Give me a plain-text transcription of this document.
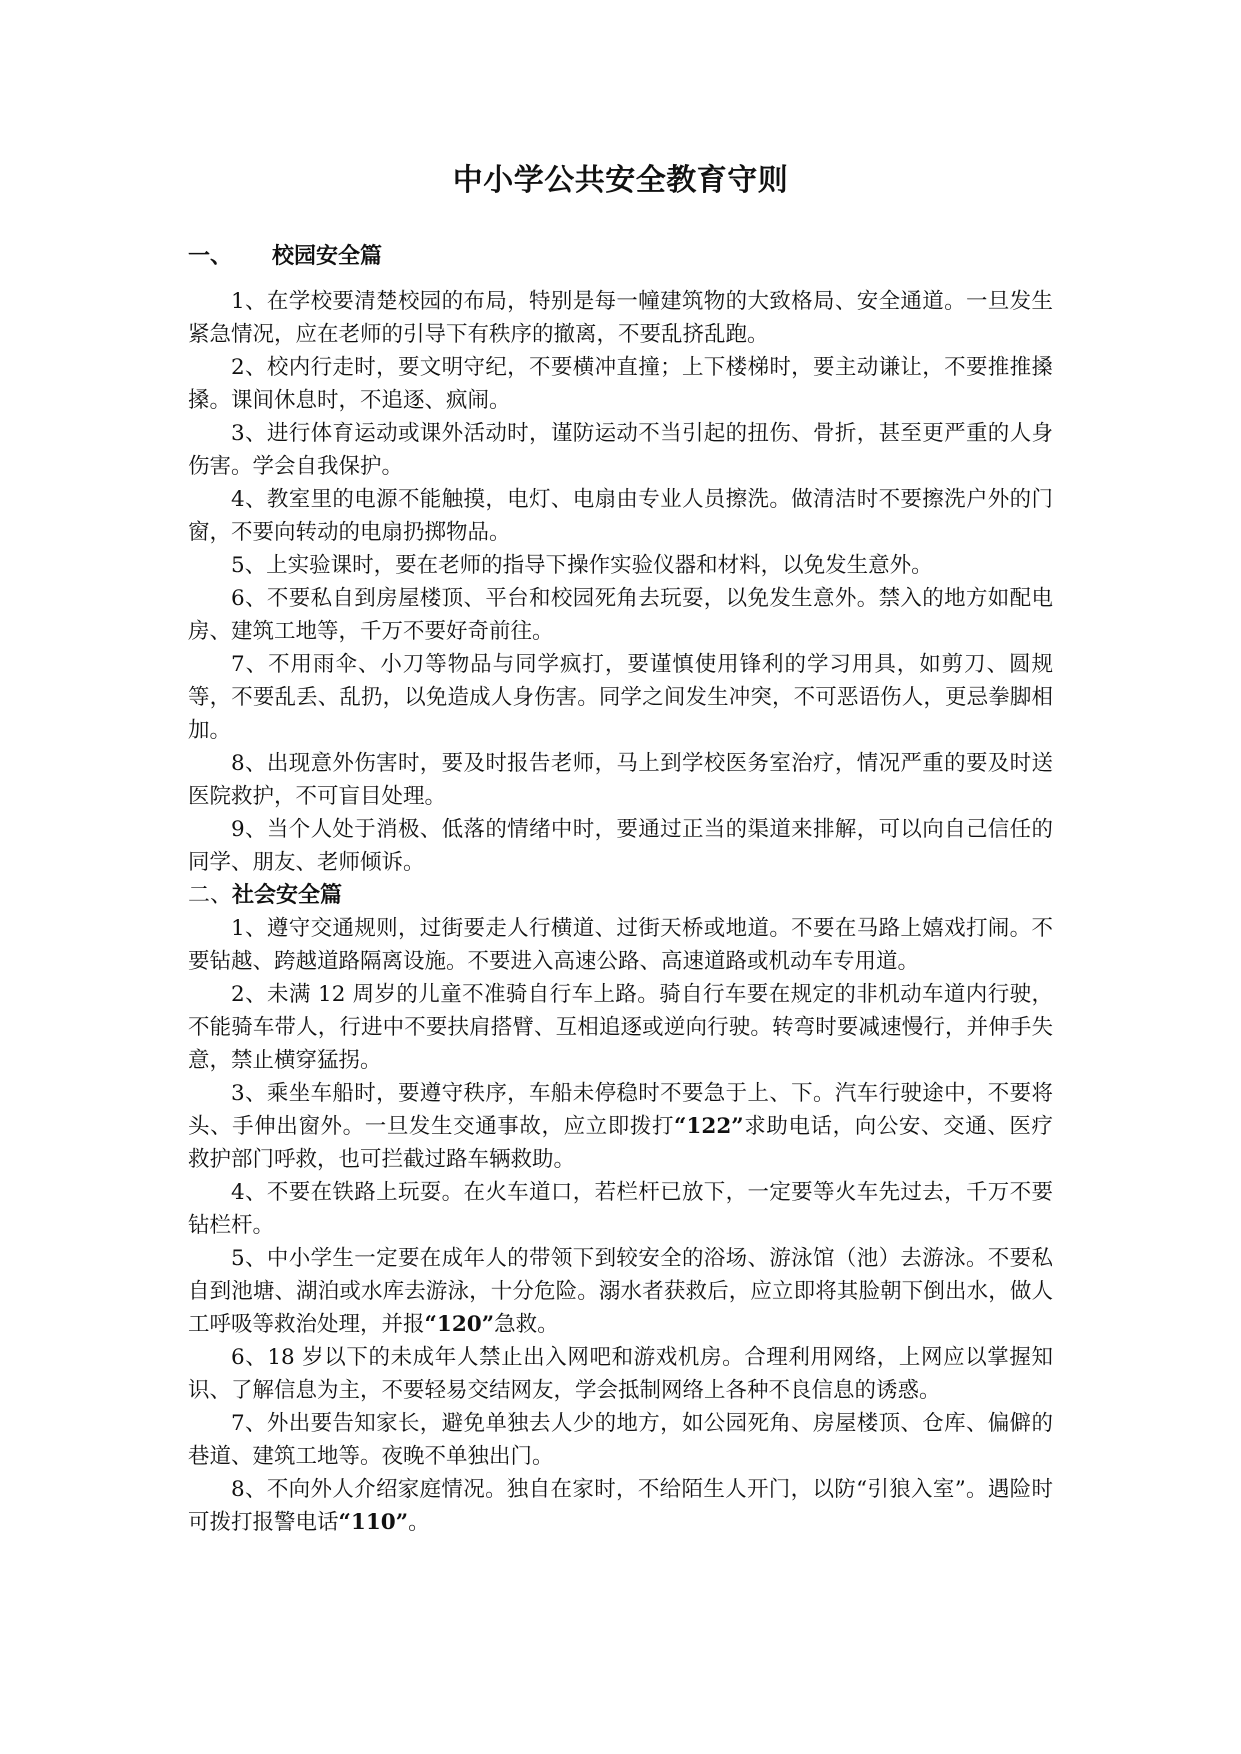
中小学公共安全教育守则
一、 校园安全篇

1、在学校要清楚校园的布局，特别是每一幢建筑物的大致格局、安全通道。一旦发生紧急情况，应在老师的引导下有秩序的撤离，不要乱挤乱跑。

2、校内行走时，要文明守纪，不要横冲直撞；上下楼梯时，要主动谦让，不要推推搡搡。课间休息时，不追逐、疯闹。

3、进行体育运动或课外活动时，谨防运动不当引起的扭伤、骨折，甚至更严重的人身伤害。学会自我保护。

4、教室里的电源不能触摸，电灯、电扇由专业人员擦洗。做清洁时不要擦洗户外的门窗，不要向转动的电扇扔掷物品。

5、上实验课时，要在老师的指导下操作实验仪器和材料，以免发生意外。

6、不要私自到房屋楼顶、平台和校园死角去玩耍，以免发生意外。禁入的地方如配电房、建筑工地等，千万不要好奇前往。

7、不用雨伞、小刀等物品与同学疯打，要谨慎使用锋利的学习用具，如剪刀、圆规等，不要乱丢、乱扔，以免造成人身伤害。同学之间发生冲突，不可恶语伤人，更忌拳脚相加。

8、出现意外伤害时，要及时报告老师，马上到学校医务室治疗，情况严重的要及时送医院救护，不可盲目处理。

9、当个人处于消极、低落的情绪中时，要通过正当的渠道来排解，可以向自己信任的同学、朋友、老师倾诉。

二、社会安全篇

1、遵守交通规则，过街要走人行横道、过街天桥或地道。不要在马路上嬉戏打闹。不要钻越、跨越道路隔离设施。不要进入高速公路、高速道路或机动车专用道。

2、未满 12 周岁的儿童不准骑自行车上路。骑自行车要在规定的非机动车道内行驶，不能骑车带人，行进中不要扶肩搭臂、互相追逐或逆向行驶。转弯时要减速慢行，并伸手失意，禁止横穿猛拐。

3、乘坐车船时，要遵守秩序，车船未停稳时不要急于上、下。汽车行驶途中，不要将头、手伸出窗外。一旦发生交通事故，应立即拨打“122”求助电话，向公安、交通、医疗救护部门呼救，也可拦截过路车辆救助。

4、不要在铁路上玩耍。在火车道口，若栏杆已放下，一定要等火车先过去，千万不要钻栏杆。

5、中小学生一定要在成年人的带领下到较安全的浴场、游泳馆（池）去游泳。不要私自到池塘、湖泊或水库去游泳，十分危险。溺水者获救后，应立即将其脸朝下倒出水，做人工呼吸等救治处理，并报“120”急救。

6、18 岁以下的未成年人禁止出入网吧和游戏机房。合理利用网络，上网应以掌握知识、了解信息为主，不要轻易交结网友，学会抵制网络上各种不良信息的诱惑。

7、外出要告知家长，避免单独去人少的地方，如公园死角、房屋楼顶、仓库、偏僻的巷道、建筑工地等。夜晚不单独出门。

8、不向外人介绍家庭情况。独自在家时，不给陌生人开门，以防“引狼入室”。遇险时可拨打报警电话“110”。
